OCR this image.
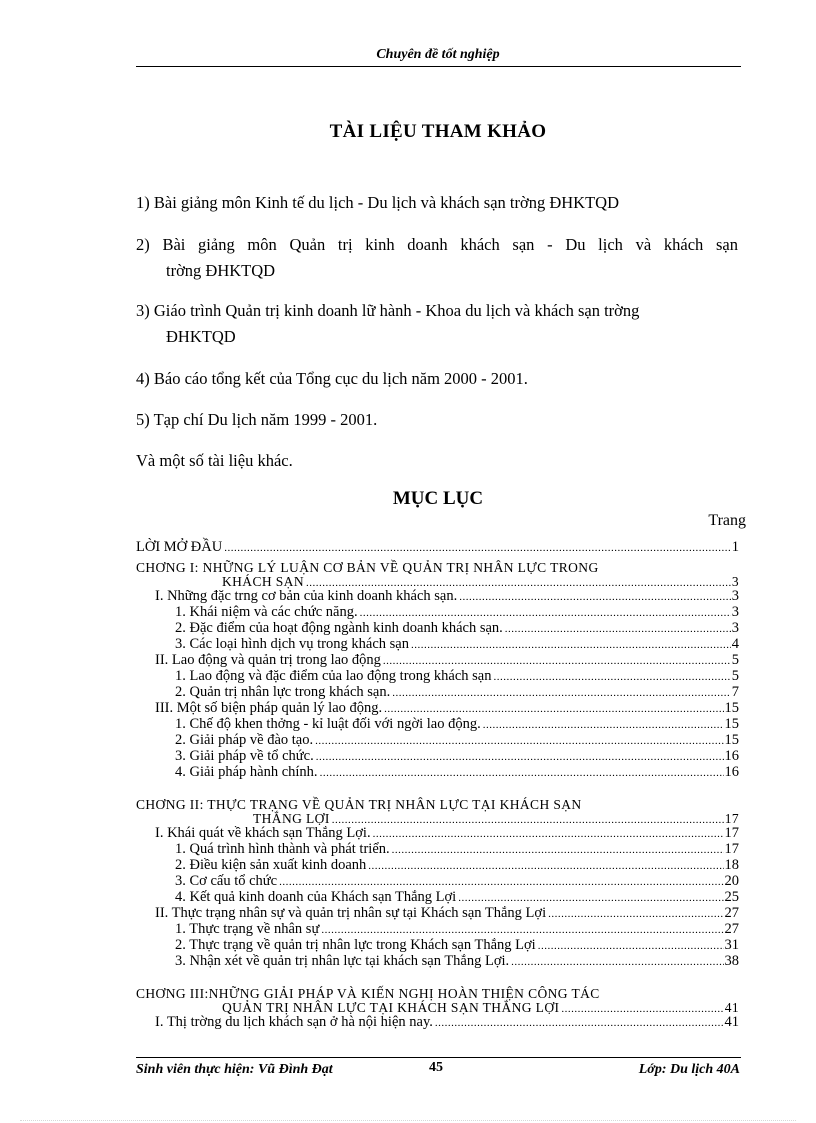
Chuyên đề tốt nghiệp
TÀI LIỆU THAM KHẢO
1) Bài giảng môn Kinh tế du lịch - Du lịch và khách sạn trờng ĐHKTQD
2) Bài giảng môn Quản trị kinh doanh khách sạn - Du lịch và khách sạn
trờng ĐHKTQD
3) Giáo trình Quản trị kinh doanh lữ hành - Khoa du lịch và khách sạn trờng
ĐHKTQD
4) Báo cáo tổng kết của Tổng cục du lịch năm 2000 - 2001.
5) Tạp chí Du lịch năm 1999 - 2001.
Và một số tài liệu khác.
MỤC LỤC
Trang
LỜI MỞ ĐẦU .....	1
CHƠNG I: NHỮNG LÝ LUẬN CƠ BẢN VỀ QUẢN TRỊ NHÂN LỰC TRONG
KHÁCH SẠN .....	3
I. Những đặc trng cơ bản của kinh doanh khách sạn. .....	3
1. Khái niệm và các chức năng. .....	3
2. Đặc điểm của hoạt động ngành kinh doanh khách sạn. .....	3
3. Các loại hình dịch vụ trong khách sạn .....	4
II. Lao động và quản trị trong lao động .....	5
1. Lao động và đặc điểm của lao động trong khách sạn .....	5
2. Quản trị nhân lực trong khách sạn. .....	7
III. Một số biện pháp quản lý lao động. .....	15
1. Chế độ khen thởng - kỉ luật đối với ngời lao động. .....	15
2. Giải pháp về đào tạo. .....	15
3. Giải pháp về tổ chức. .....	16
4. Giải pháp hành chính. .....	16
CHƠNG II: THỰC TRẠNG VỀ QUẢN TRỊ NHÂN LỰC TẠI KHÁCH SẠN
THẮNG LỢI .....	17
I. Khái quát về khách sạn Thắng Lợi. .....	17
1. Quá trình hình thành và phát triển. .....	17
2. Điều kiện sản xuất kinh doanh .....	18
3. Cơ cấu tổ chức .....	20
4. Kết quả kinh doanh của Khách sạn Thắng Lợi .....	25
II. Thực trạng nhân sự và quản trị nhân sự tại Khách sạn Thắng Lợi .....	27
1. Thực trạng về nhân sự .....	27
2. Thực trạng về quản trị nhân lực trong Khách sạn Thắng Lợi .....	31
3. Nhận xét về quản trị nhân lực tại khách sạn Thắng Lợi. .....	38
CHƠNG III:NHỮNG GIẢI PHÁP VÀ KIẾN NGHỊ HOÀN THIỆN CÔNG TÁC
QUẢN TRỊ NHÂN LỰC TẠI KHÁCH SẠN THẮNG LỢI .....	41
I. Thị trờng du lịch khách sạn ở hà nội hiện nay. .....	41
Sinh viên thực hiện: Vũ Đình Đạt	45	Lớp: Du lịch 40A
